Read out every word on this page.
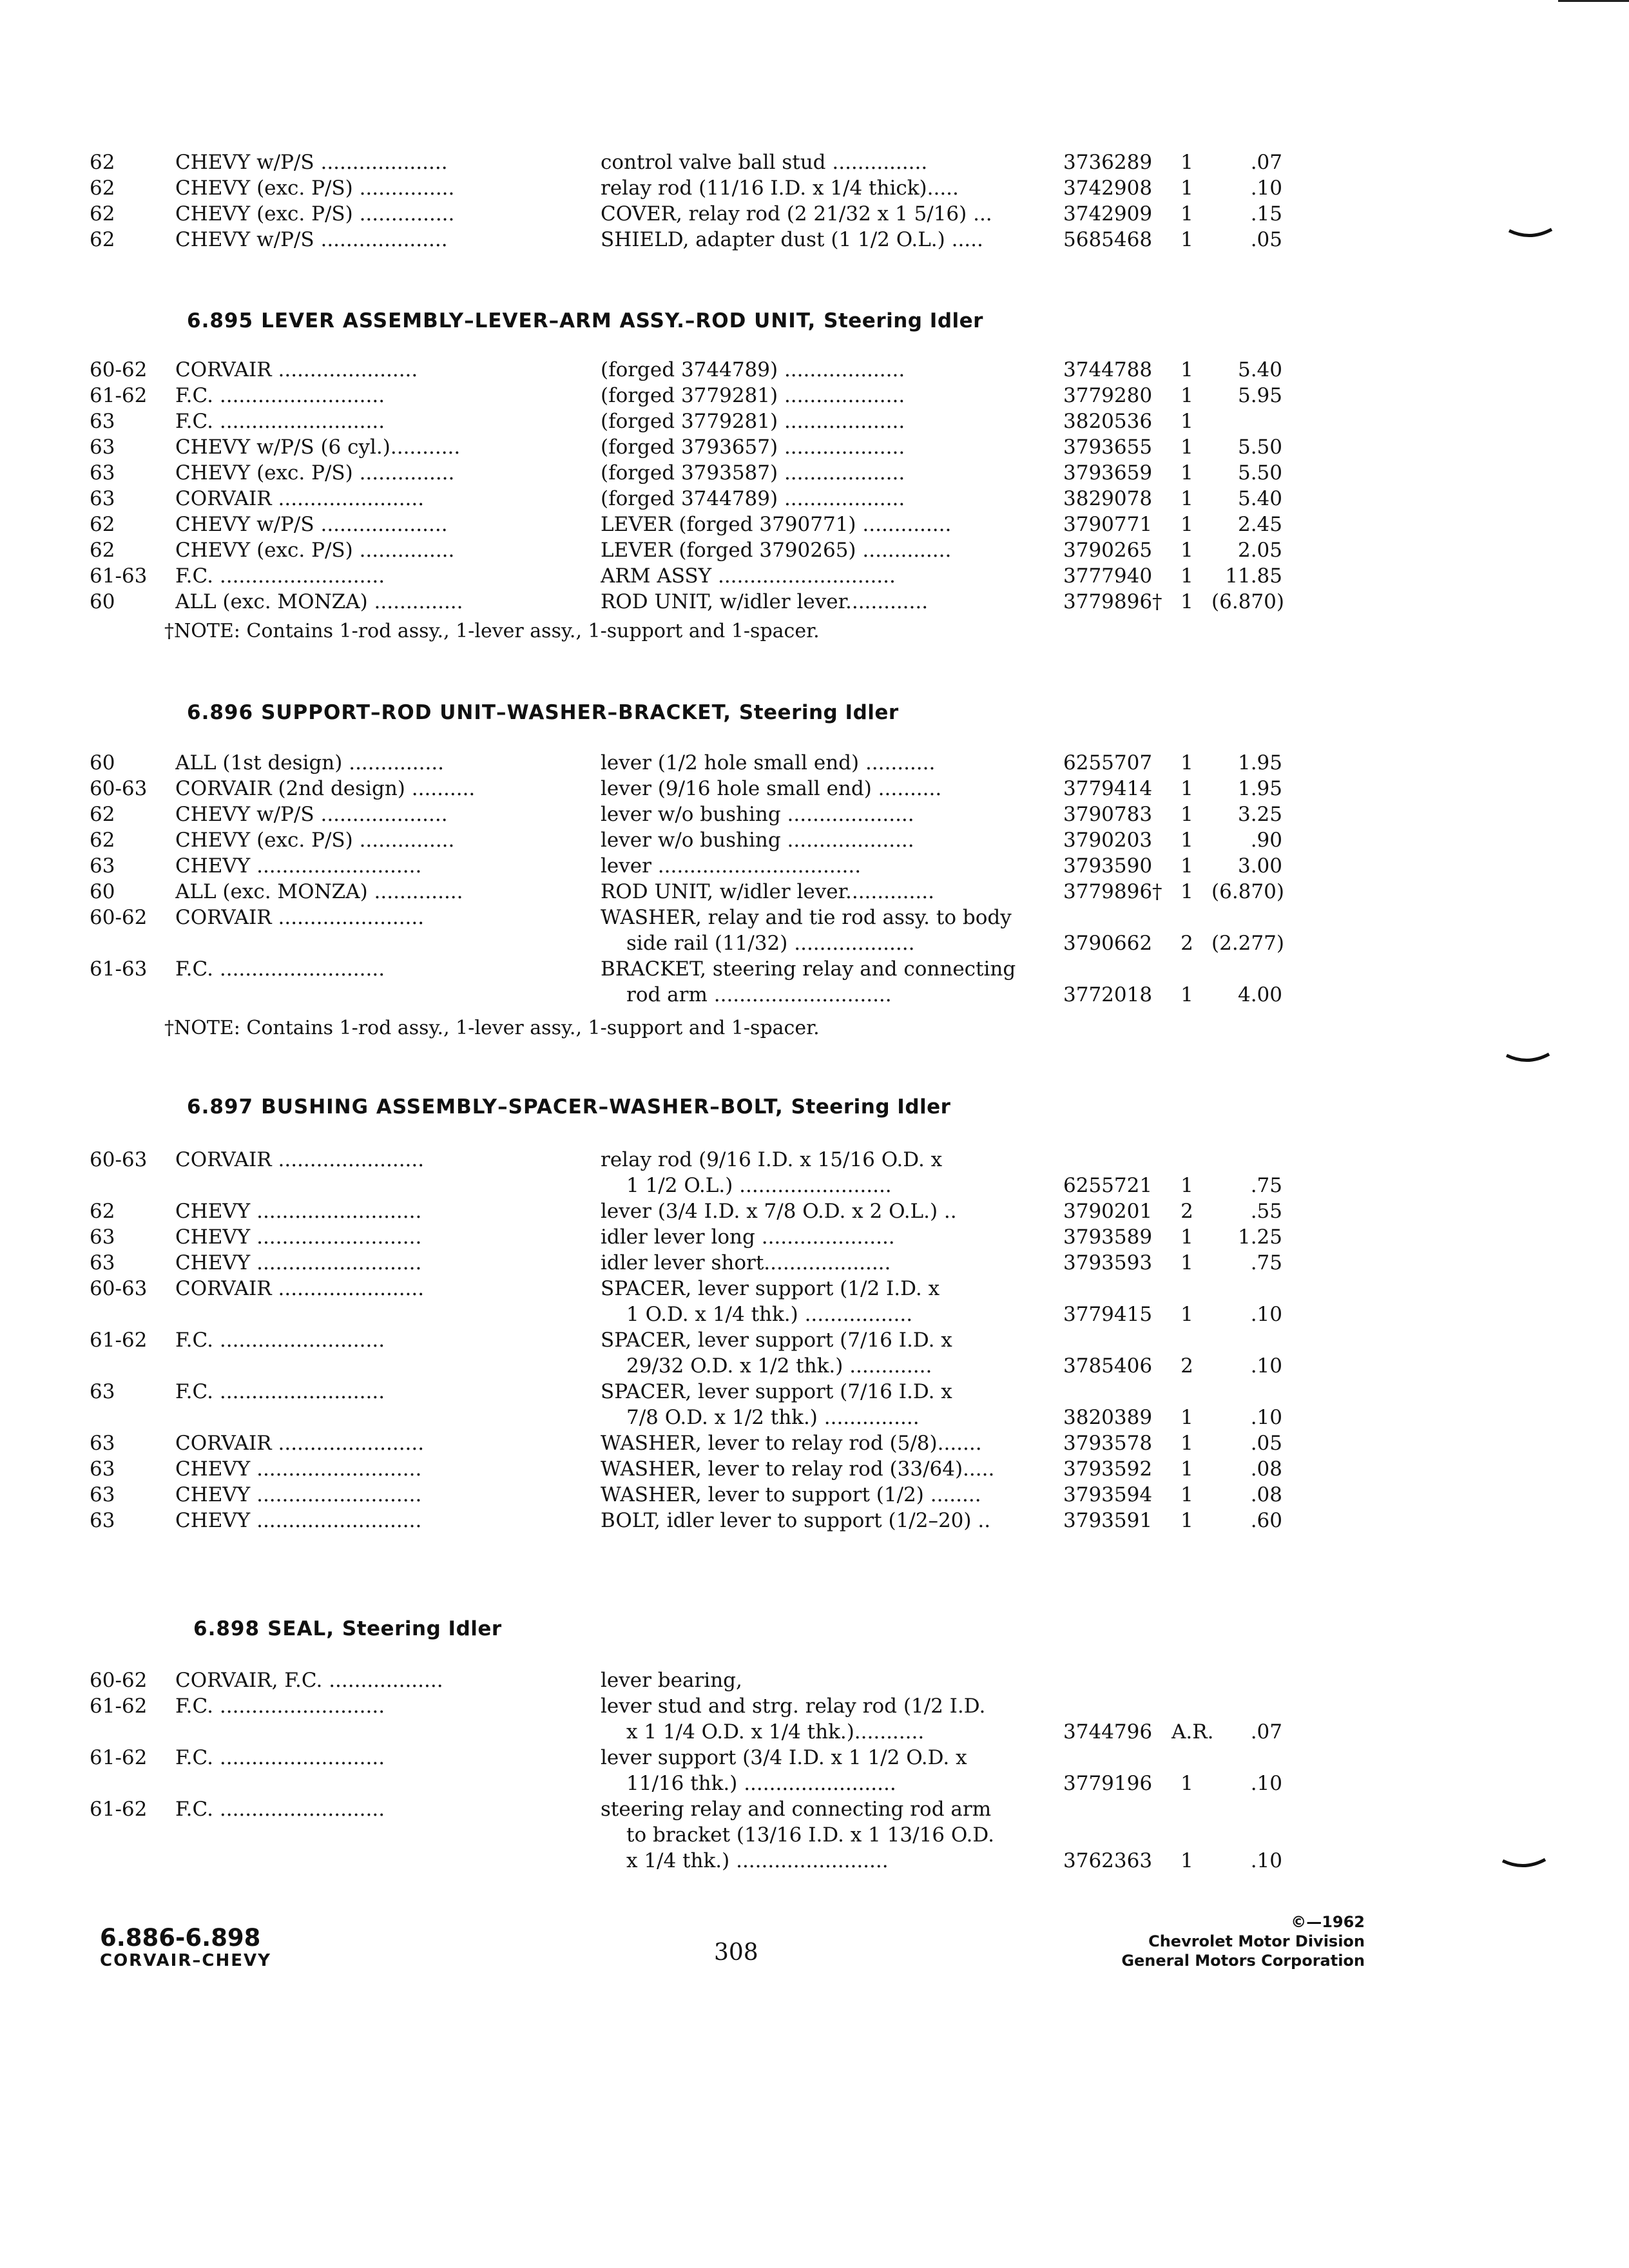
62	CHEVY w/P/S ....................	control valve ball stud ...............	3736289	1	.07
62	CHEVY (exc. P/S) ...............	relay rod (11/16 I.D. x 1/4 thick).....	3742908	1	.10
62	CHEVY (exc. P/S) ...............	COVER, relay rod (2 21/32 x 1 5/16) ...	3742909	1	.15
62	CHEVY w/P/S ....................	SHIELD, adapter dust (1 1/2 O.L.) .....	5685468	1	.05
6.895 LEVER ASSEMBLY–LEVER–ARM ASSY.–ROD UNIT, Steering Idler
60-62 CORVAIR ......................	(forged 3744789) ...................	3744788	1	5.40
61-62 F.C. ..........................	(forged 3779281) ...................	3779280	1	5.95
63	F.C. ..........................	(forged 3779281) ...................	3820536	1
63	CHEVY w/P/S (6 cyl.)...........	(forged 3793657) ...................	3793655	1	5.50
63	CHEVY (exc. P/S) ...............	(forged 3793587) ...................	3793659	1	5.50
63	CORVAIR .......................	(forged 3744789) ...................	3829078	1	5.40
62	CHEVY w/P/S ....................	LEVER (forged 3790771) ..............	3790771	1	2.45
62	CHEVY (exc. P/S) ...............	LEVER (forged 3790265) ..............	3790265	1	2.05
61-63 F.C. ..........................	ARM ASSY ............................	3777940	1	11.85
60	ALL (exc. MONZA) ..............	ROD UNIT, w/idler lever.............	3779896† 1 (6.870)
†NOTE: Contains 1-rod assy., 1-lever assy., 1-support and 1-spacer.
6.896 SUPPORT–ROD UNIT–WASHER–BRACKET, Steering Idler
60	ALL (1st design) ...............	lever (1/2 hole small end) ...........	6255707	1	1.95
60-63 CORVAIR (2nd design) ..........	lever (9/16 hole small end) ..........	3779414	1	1.95
62	CHEVY w/P/S ....................	lever w/o bushing ....................	3790783	1	3.25
62	CHEVY (exc. P/S) ...............	lever w/o bushing ....................	3790203	1	.90
63	CHEVY ..........................	lever ................................	3793590	1	3.00
60	ALL (exc. MONZA) ..............	ROD UNIT, w/idler lever..............	3779896† 1 (6.870)
60-62 CORVAIR .......................	WASHER, relay and tie rod assy. to body
side rail (11/32) ...................	3790662	2 (2.277)
61-63 F.C. ..........................	BRACKET, steering relay and connecting
rod arm ............................	3772018	1	4.00
†NOTE: Contains 1-rod assy., 1-lever assy., 1-support and 1-spacer.
6.897 BUSHING ASSEMBLY–SPACER–WASHER–BOLT, Steering Idler
60-63 CORVAIR .......................	relay rod (9/16 I.D. x 15/16 O.D. x
1 1/2 O.L.) ........................	6255721	1	.75
62	CHEVY ..........................	lever (3/4 I.D. x 7/8 O.D. x 2 O.L.) ..	3790201	2	.55
63	CHEVY ..........................	idler lever long .....................	3793589	1	1.25
63	CHEVY ..........................	idler lever short....................	3793593	1	.75
60-63 CORVAIR .......................	SPACER, lever support (1/2 I.D. x
1 O.D. x 1/4 thk.) .................	3779415	1	.10
61-62 F.C. ..........................	SPACER, lever support (7/16 I.D. x
29/32 O.D. x 1/2 thk.) .............	3785406	2	.10
63	F.C. ..........................	SPACER, lever support (7/16 I.D. x
7/8 O.D. x 1/2 thk.) ...............	3820389	1	.10
63	CORVAIR .......................	WASHER, lever to relay rod (5/8).......	3793578	1	.05
63	CHEVY ..........................	WASHER, lever to relay rod (33/64).....	3793592	1	.08
63	CHEVY ..........................	WASHER, lever to support (1/2) ........	3793594	1	.08
63	CHEVY ..........................	BOLT, idler lever to support (1/2–20) ..	3793591	1	.60
6.898 SEAL, Steering Idler
60-62 CORVAIR, F.C. ..................	lever bearing,
61-62 F.C. ..........................	lever stud and strg. relay rod (1/2 I.D.
x 1 1/4 O.D. x 1/4 thk.)...........	3744796 A.R.	.07
61-62 F.C. ..........................	lever support (3/4 I.D. x 1 1/2 O.D. x
11/16 thk.) ........................	3779196	1	.10
61-62 F.C. ..........................	steering relay and connecting rod arm
to bracket (13/16 I.D. x 1 13/16 O.D.
x 1/4 thk.) ........................	3762363	1	.10
6.886-6.898
CORVAIR–CHEVY	308
©—1962
Chevrolet Motor Division
General Motors Corporation
